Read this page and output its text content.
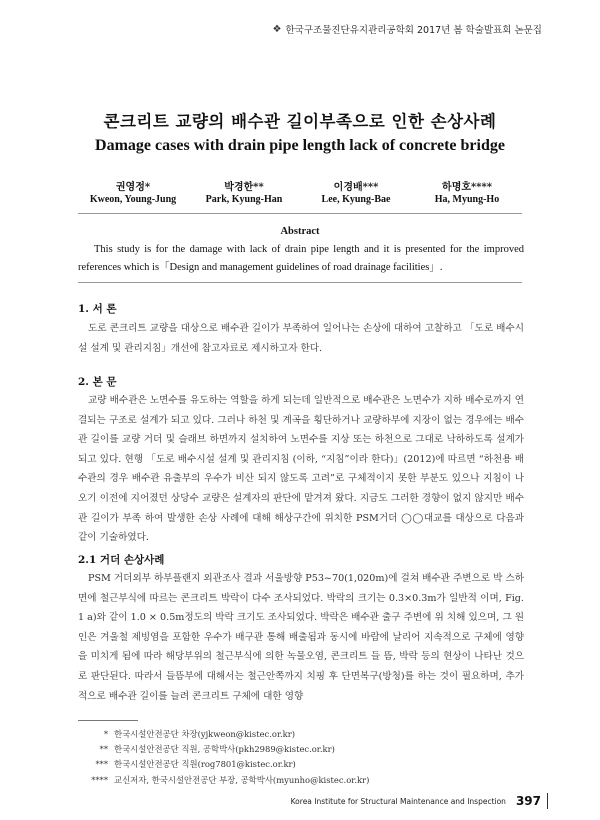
❖ 한국구조물진단유지관리공학회 2017년 봄 학술발표회 논문집
콘크리트 교량의 배수관 길이부족으로 인한 손상사례
Damage cases with drain pipe length lack of concrete bridge
권영정*
Kweon, Young-Jung
박경한**
Park, Kyung-Han
이경배***
Lee, Kyung-Bae
하명호****
Ha, Myung-Ho
Abstract
This study is for the damage with lack of drain pipe length and it is presented for the improved references which is「Design and management guidelines of road drainage facilities」.
1. 서 론
도로 콘크리트 교량을 대상으로 배수관 길이가 부족하여 일어나는 손상에 대하여 고찰하고 「도로 배수시설 설계 및 관리지침」개선에 참고자료로 제시하고자 한다.
2. 본 문
교량 배수관은 노면수를 유도하는 역할을 하게 되는데 일반적으로 배수관은 노면수가 지하 배수로까지 연결되는 구조로 설계가 되고 있다. 그러나 하천 및 계곡을 횡단하거나 교량하부에 지장이 없는 경우에는 배수관 길이를 교량 거더 및 슬래브 하면까지 설치하여 노면수를 지상 또는 하천으로 그대로 낙하하도록 설계가 되고 있다. 현행 「도로 배수시설 설계 및 관리지침 (이하, “지침”이라 한다)」(2012)에 따르면 “하천용 배수관의 경우 배수관 유출부의 우수가 비산 되지 않도록 고려”로 구체적이지 못한 부분도 있으나 지침이 나오기 이전에 지어졌던 상당수 교량은 설계자의 판단에 맡겨져 왔다. 지금도 그러한 경향이 없지 않지만 배수관 길이가 부족 하여 발생한 손상 사례에 대해 해상구간에 위치한 PSM거더 ◯◯대교를 대상으로 다음과 같이 기술하였다.
2.1 거더 손상사례
PSM 거더외부 하부플랜지 외관조사 결과 서울방향 P53~70(1,020m)에 걸쳐 배수관 주변으로 박 스하면에 철근부식에 따르는 콘크리트 박락이 다수 조사되었다. 박락의 크기는 0.3×0.3m가 일반적 이며, Fig. 1 a)와 같이 1.0 × 0.5m정도의 박락 크기도 조사되었다. 박락은 배수관 출구 주변에 위 치해 있으며, 그 원인은 겨울철 제빙염을 포함한 우수가 배구관 통해 배출됨과 동시에 바람에 날리어 지속적으로 구체에 영향을 미치게 됨에 따라 해당부위의 철근부식에 의한 녹물오염, 콘크리트 들 뜸, 박락 등의 현상이 나타난 것으로 판단된다. 따라서 들뜸부에 대해서는 철근안쪽까지 치핑 후 단면복구(방청)를 하는 것이 필요하며, 추가적으로 배수관 길이를 늘려 콘크리트 구체에 대한 영향
* 한국시설안전공단 차장(yjkweon@kistec.or.kr)
** 한국시설안전공단 직원, 공학박사(pkh2989@kistec.or.kr)
*** 한국시설안전공단 직원(rog7801@kistec.or.kr)
**** 교신저자, 한국시설안전공단 부장, 공학박사(myunho@kistec.or.kr)
Korea Institute for Structural Maintenance and Inspection 397
